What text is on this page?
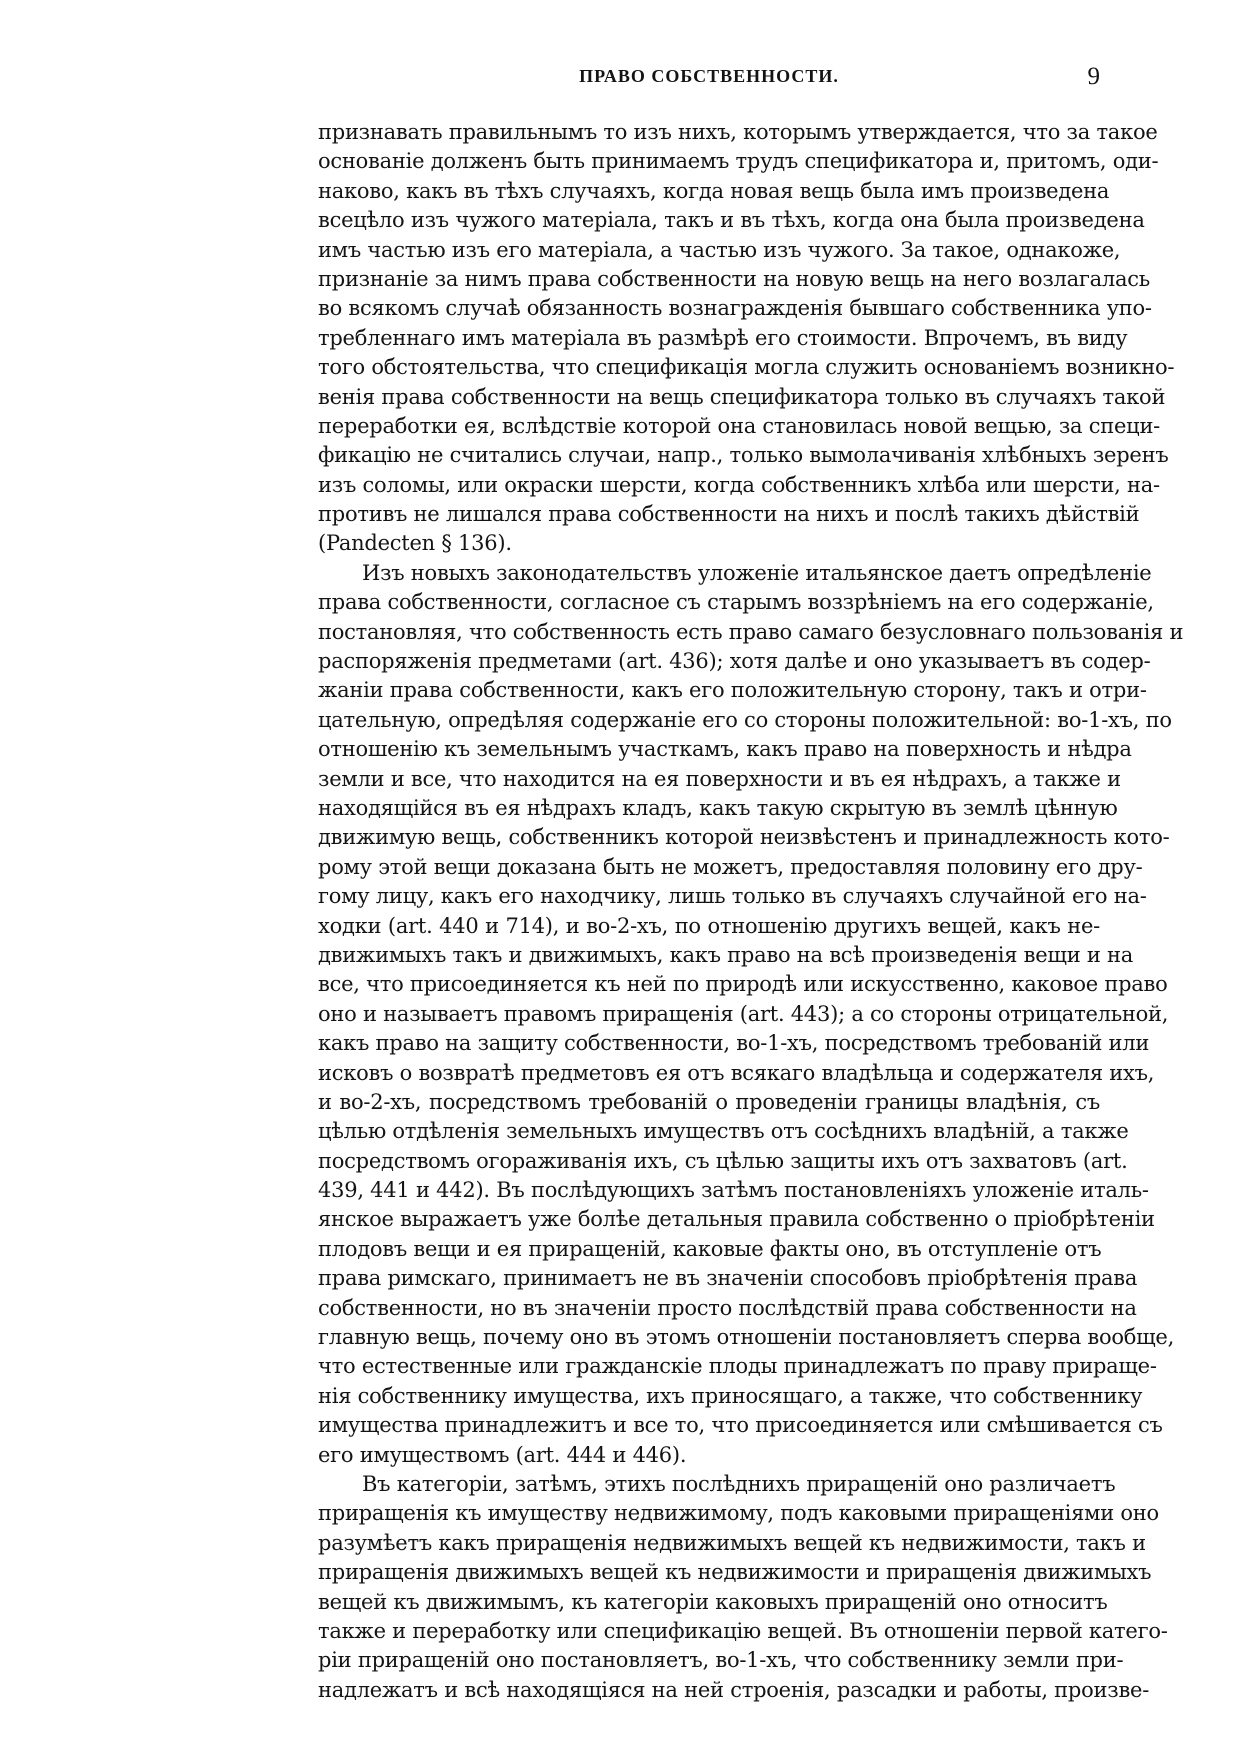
ПРАВО СОБСТВЕННОСТИ.	9
признавать правильнымъ то изъ нихъ, которымъ утверждается, что за такое
основаніе долженъ быть принимаемъ трудъ спецификатора и, притомъ, оди-
наково, какъ въ тѣхъ случаяхъ, когда новая вещь была имъ произведена
всецѣло изъ чужого матеріала, такъ и въ тѣхъ, когда она была произведена
имъ частью изъ его матеріала, а частью изъ чужого. За такое, однакоже,
признаніе за нимъ права собственности на новую вещь на него возлагалась
во всякомъ случаѣ обязанность вознагражденія бывшаго собственника упо-
требленнаго имъ матеріала въ размѣрѣ его стоимости. Впрочемъ, въ виду
того обстоятельства, что спецификація могла служить основаніемъ возникно-
венія права собственности на вещь спецификатора только въ случаяхъ такой
переработки ея, вслѣдствіе которой она становилась новой вещью, за специ-
фикацію не считались случаи, напр., только вымолачиванія хлѣбныхъ зеренъ
изъ соломы, или окраски шерсти, когда собственникъ хлѣба или шерсти, на-
противъ не лишался права собственности на нихъ и послѣ такихъ дѣйствій
(Pandecten § 136).
Изъ новыхъ законодательствъ уложеніе итальянское даетъ опредѣленіе
права собственности, согласное съ старымъ воззрѣніемъ на его содержаніе,
постановляя, что собственность есть право самаго безусловнаго пользованія и
распоряженія предметами (art. 436); хотя далѣе и оно указываетъ въ содер-
жаніи права собственности, какъ его положительную сторону, такъ и отри-
цательную, опредѣляя содержаніе его со стороны положительной: во-1-хъ, по
отношенію къ земельнымъ участкамъ, какъ право на поверхность и нѣдра
земли и все, что находится на ея поверхности и въ ея нѣдрахъ, а также и
находящійся въ ея нѣдрахъ кладъ, какъ такую скрытую въ землѣ цѣнную
движимую вещь, собственникъ которой неизвѣстенъ и принадлежность кото-
рому этой вещи доказана быть не можетъ, предоставляя половину его дру-
гому лицу, какъ его находчику, лишь только въ случаяхъ случайной его на-
ходки (art. 440 и 714), и во-2-хъ, по отношенію другихъ вещей, какъ не-
движимыхъ такъ и движимыхъ, какъ право на всѣ произведенія вещи и на
все, что присоединяется къ ней по природѣ или искусственно, каковое право
оно и называетъ правомъ приращенія (art. 443); а со стороны отрицательной,
какъ право на защиту собственности, во-1-хъ, посредствомъ требованій или
исковъ о возвратѣ предметовъ ея отъ всякаго владѣльца и содержателя ихъ,
и во-2-хъ, посредствомъ требованій о проведеніи границы владѣнія, съ
цѣлью отдѣленія земельныхъ имуществъ отъ сосѣднихъ владѣній, а также
посредствомъ огораживанія ихъ, съ цѣлью защиты ихъ отъ захватовъ (art.
439, 441 и 442). Въ послѣдующихъ затѣмъ постановленіяхъ уложеніе италь-
янское выражаетъ уже болѣе детальныя правила собственно о пріобрѣтеніи
плодовъ вещи и ея приращеній, каковые факты оно, въ отступленіе отъ
права римскаго, принимаетъ не въ значеніи способовъ пріобрѣтенія права
собственности, но въ значеніи просто послѣдствій права собственности на
главную вещь, почему оно въ этомъ отношеніи постановляетъ сперва вообще,
что естественные или гражданскіе плоды принадлежатъ по праву прираще-
нія собственнику имущества, ихъ приносящаго, а также, что собственнику
имущества принадлежитъ и все то, что присоединяется или смѣшивается съ
его имуществомъ (art. 444 и 446).
Въ категоріи, затѣмъ, этихъ послѣднихъ приращеній оно различаетъ
приращенія къ имуществу недвижимому, подъ каковыми приращеніями оно
разумѣетъ какъ приращенія недвижимыхъ вещей къ недвижимости, такъ и
приращенія движимыхъ вещей къ недвижимости и приращенія движимыхъ
вещей къ движимымъ, къ категоріи каковыхъ приращеній оно относитъ
также и переработку или спецификацію вещей. Въ отношеніи первой катего-
ріи приращеній оно постановляетъ, во-1-хъ, что собственнику земли при-
надлежатъ и всѣ находящіяся на ней строенія, разсадки и работы, произве-
